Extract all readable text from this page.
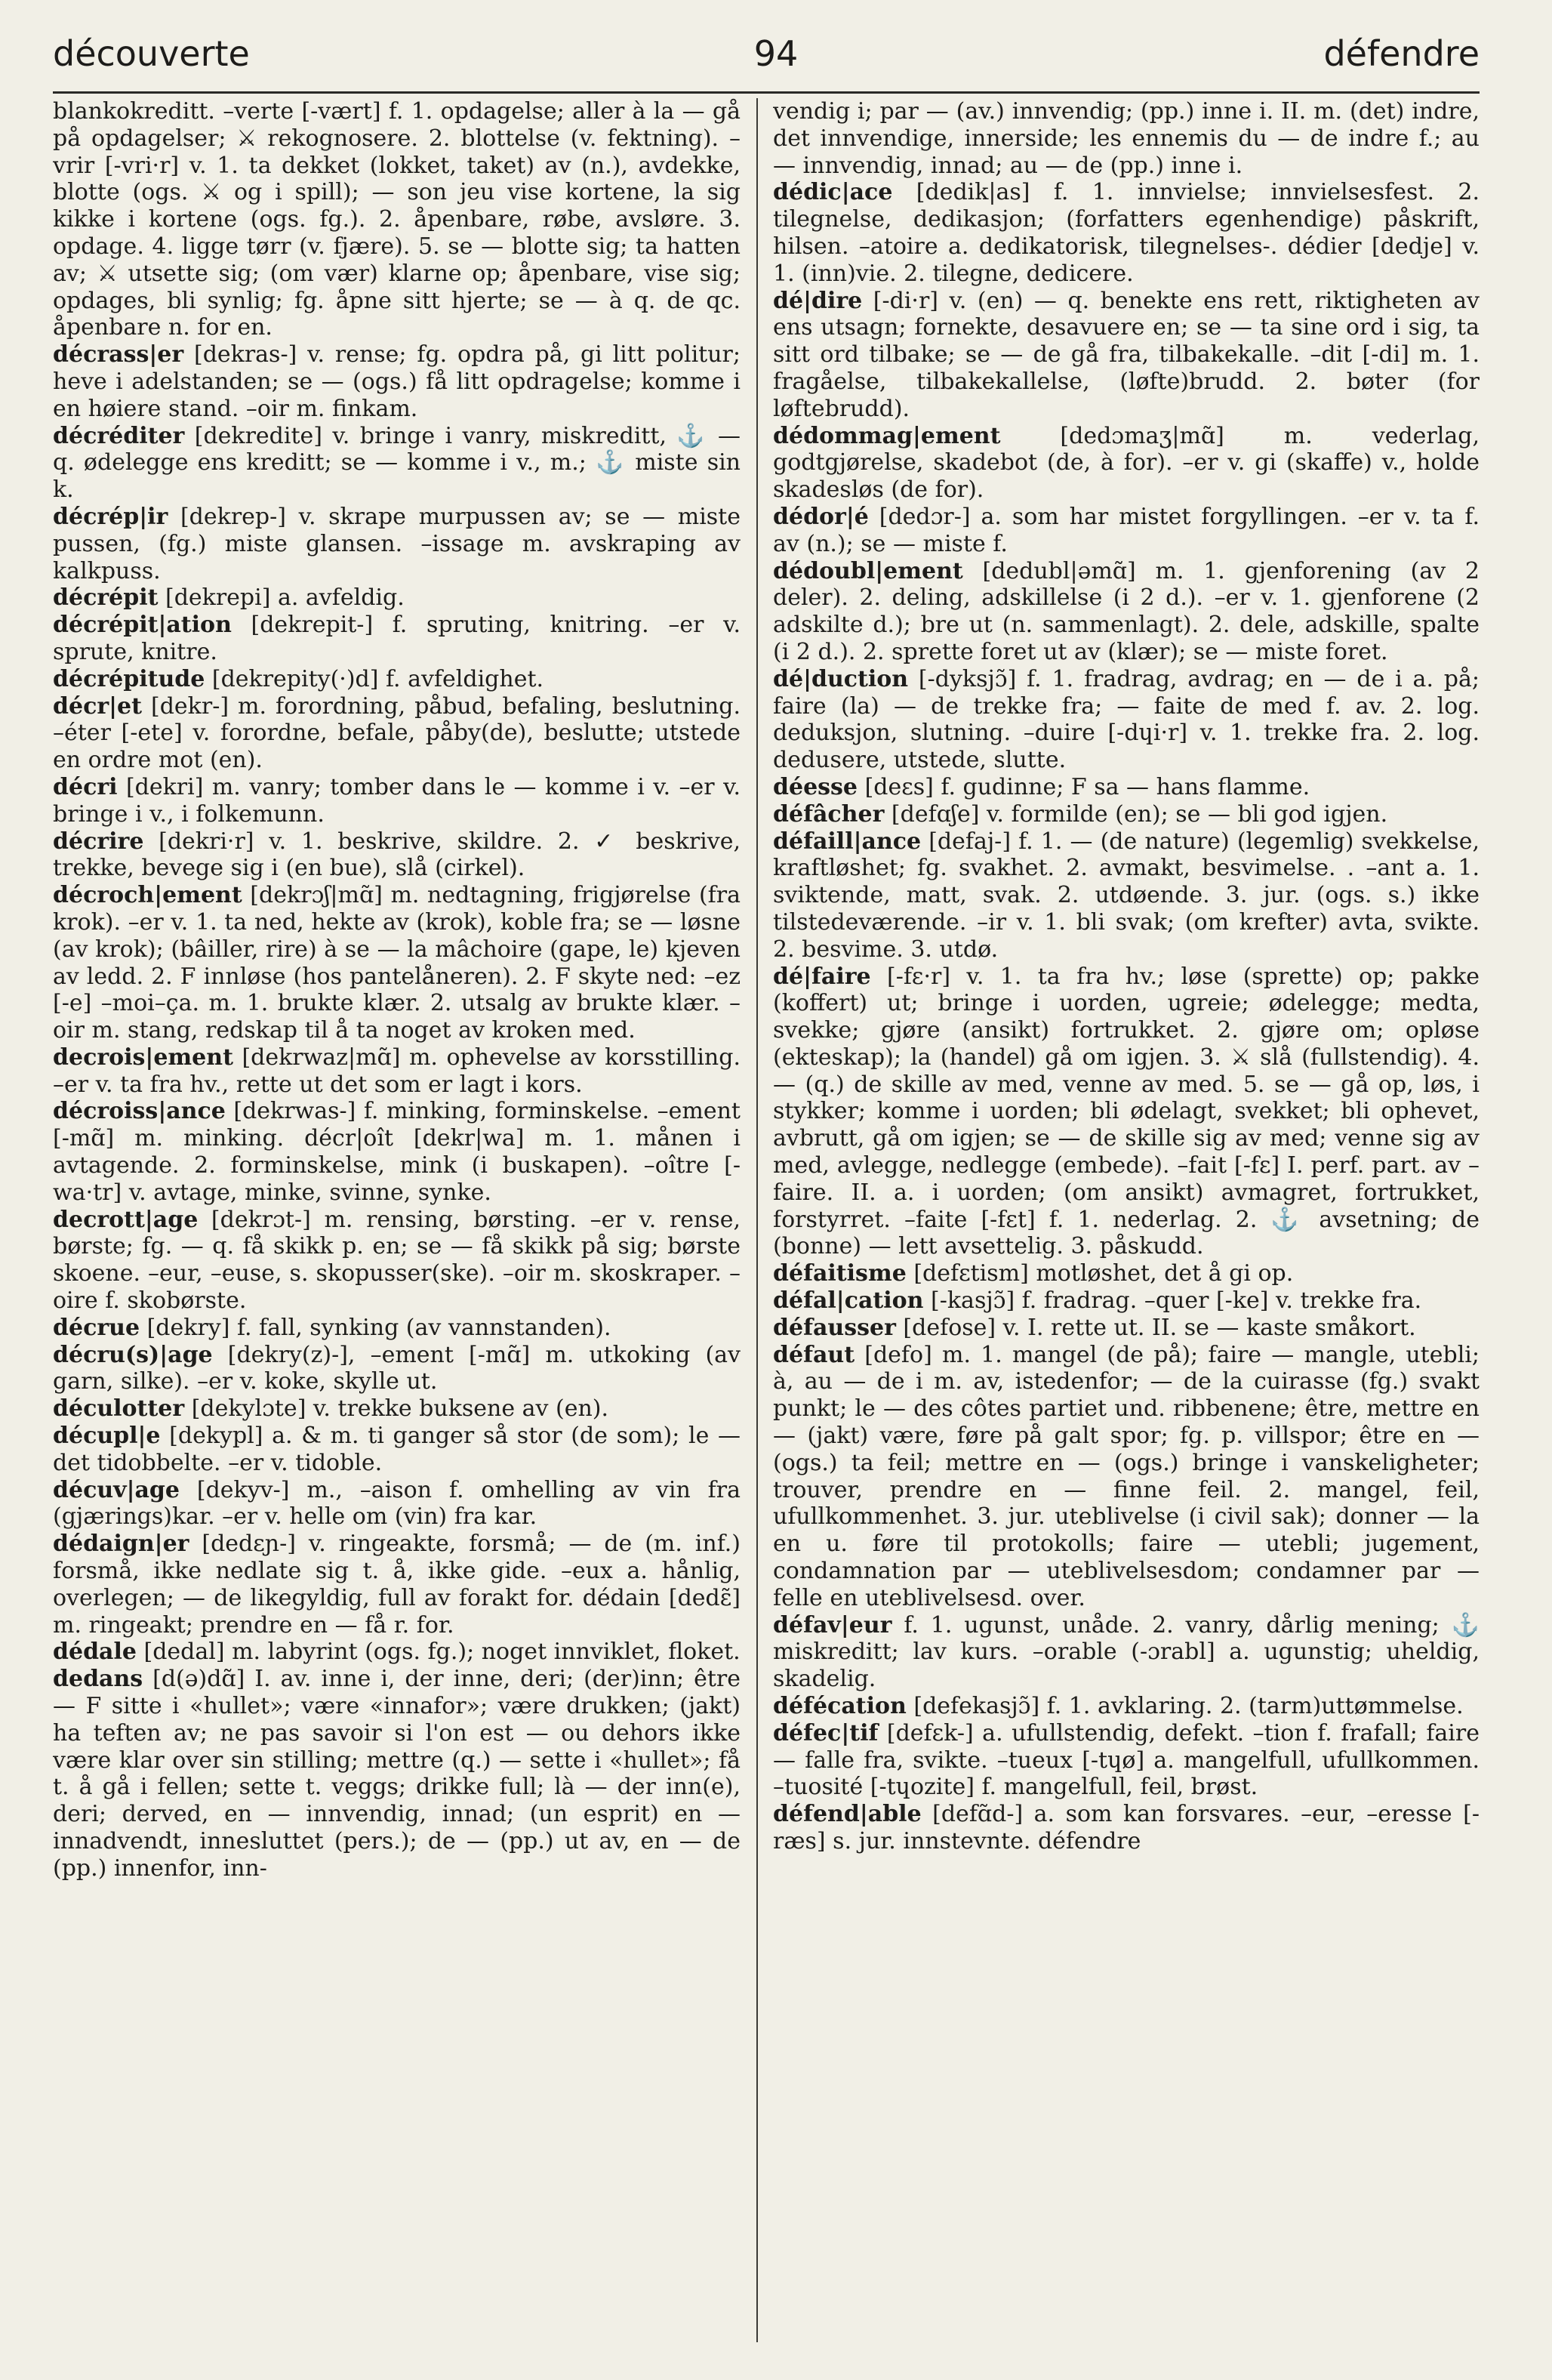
découverte	94	défendre

blankokreditt. –verte [-vært] f. 1. opdagelse; aller à la — gå på opdagelser; ⚔ rekognosere. 2. blottelse (v. fektning). –vrir [-vri·r] v. 1. ta dekket (lokket, taket) av (n.), avdekke, blotte (ogs. ⚔ og i spill); — son jeu vise kortene, la sig kikke i kortene (ogs. fg.). 2. åpenbare, røbe, avsløre. 3. opdage. 4. ligge tørr (v. fjære). 5. se — blotte sig; ta hatten av; ⚔ utsette sig; (om vær) klarne op; åpenbare, vise sig; opdages, bli synlig; fg. åpne sitt hjerte; se — à q. de qc. åpenbare n. for en.

décrass|er [dekras-] v. rense; fg. opdra på, gi litt politur; heve i adelstanden; se — (ogs.) få litt opdragelse; komme i en høiere stand. –oir m. finkam.

décréditer [dekredite] v. bringe i vanry, miskreditt, ⚓ — q. ødelegge ens kreditt; se — komme i v., m.; ⚓ miste sin k.

décrép|ir [dekrep-] v. skrape murpussen av; se — miste pussen, (fg.) miste glansen. –issage m. avskraping av kalkpuss.

décrépit [dekrepi] a. avfeldig.

décrépit|ation [dekrepit-] f. spruting, knitring. –er v. sprute, knitre.

décrépitude [dekrepity(·)d] f. avfeldighet.

décr|et [dekr-] m. forordning, påbud, befaling, beslutning. –éter [-ete] v. forordne, befale, påby(de), beslutte; utstede en ordre mot (en).

décri [dekri] m. vanry; tomber dans le — komme i v. –er v. bringe i v., i folkemunn.

décrire [dekri·r] v. 1. beskrive, skildre. 2. ✓ beskrive, trekke, bevege sig i (en bue), slå (cirkel).

décroch|ement [dekrɔʃ|mɑ̃] m. nedtagning, frigjørelse (fra krok). –er v. 1. ta ned, hekte av (krok), koble fra; se — løsne (av krok); (bâiller, rire) à se — la mâchoire (gape, le) kjeven av ledd. 2. F innløse (hos pantelåneren). 2. F skyte ned: –ez [-e] –moi–ça. m. 1. brukte klær. 2. utsalg av brukte klær. –oir m. stang, redskap til å ta noget av kroken med.

decrois|ement [dekrwaz|mɑ̃] m. ophevelse av korsstilling. –er v. ta fra hv., rette ut det som er lagt i kors.

décroiss|ance [dekrwas-] f. minking, forminskelse. –ement [-mɑ̃] m. minking. décr|oît [dekr|wa] m. 1. månen i avtagende. 2. forminskelse, mink (i buskapen). –oître [-wa·tr] v. avtage, minke, svinne, synke.

decrott|age [dekrɔt-] m. rensing, børsting. –er v. rense, børste; fg. — q. få skikk p. en; se — få skikk på sig; børste skoene. –eur, –euse, s. skopusser(ske). –oir m. skoskraper. –oire f. skobørste.

décrue [dekry] f. fall, synking (av vannstanden).

décru(s)|age [dekry(z)-], –ement [-mɑ̃] m. utkoking (av garn, silke). –er v. koke, skylle ut.

déculotter [dekylɔte] v. trekke buksene av (en).

décupl|e [dekypl] a. & m. ti ganger så stor (de som); le — det tidobbelte. –er v. tidoble.

décuv|age [dekyv-] m., –aison f. omhelling av vin fra (gjærings)kar. –er v. helle om (vin) fra kar.

dédaign|er [dedɛɲ-] v. ringeakte, forsmå; — de (m. inf.) forsmå, ikke nedlate sig t. å, ikke gide. –eux a. hånlig, overlegen; — de likegyldig, full av forakt for. dédain [dedɛ̃] m. ringeakt; prendre en — få r. for.

dédale [dedal] m. labyrint (ogs. fg.); noget innviklet, floket.

dedans [d(ə)dɑ̃] I. av. inne i, der inne, deri; (der)inn; être — F sitte i «hullet»; være «innafor»; være drukken; (jakt) ha teften av; ne pas savoir si l'on est — ou dehors ikke være klar over sin stilling; mettre (q.) — sette i «hullet»; få t. å gå i fellen; sette t. veggs; drikke full; là — der inn(e), deri; derved, en — innvendig, innad; (un esprit) en — innadvendt, innesluttet (pers.); de — (pp.) ut av, en — de (pp.) innenfor, inn-

vendig i; par — (av.) innvendig; (pp.) inne i. II. m. (det) indre, det innvendige, innerside; les ennemis du — de indre f.; au — innvendig, innad; au — de (pp.) inne i.

dédic|ace [dedik|as] f. 1. innvielse; innvielsesfest. 2. tilegnelse, dedikasjon; (forfatters egenhendige) påskrift, hilsen. –atoire a. dedikatorisk, tilegnelses-. dédier [dedje] v. 1. (inn)vie. 2. tilegne, dedicere.

dé|dire [-di·r] v. (en) — q. benekte ens rett, riktigheten av ens utsagn; fornekte, desavuere en; se — ta sine ord i sig, ta sitt ord tilbake; se — de gå fra, tilbakekalle. –dit [-di] m. 1. fragåelse, tilbakekallelse, (løfte)brudd. 2. bøter (for løftebrudd).

dédommag|ement [dedɔmaʒ|mɑ̃] m. vederlag, godtgjørelse, skadebot (de, à for). –er v. gi (skaffe) v., holde skadesløs (de for).

dédor|é [dedɔr-] a. som har mistet forgyllingen. –er v. ta f. av (n.); se — miste f.

dédoubl|ement [dedubl|əmɑ̃] m. 1. gjenforening (av 2 deler). 2. deling, adskillelse (i 2 d.). –er v. 1. gjenforene (2 adskilte d.); bre ut (n. sammenlagt). 2. dele, adskille, spalte (i 2 d.). 2. sprette foret ut av (klær); se — miste foret.

dé|duction [-dyksjɔ̃] f. 1. fradrag, avdrag; en — de i a. på; faire (la) — de trekke fra; — faite de med f. av. 2. log. deduksjon, slutning. –duire [-dɥi·r] v. 1. trekke fra. 2. log. dedusere, utstede, slutte.

déesse [deɛs] f. gudinne; F sa — hans flamme.

défâcher [defɑʃe] v. formilde (en); se — bli god igjen.

défaill|ance [defaj-] f. 1. — (de nature) (legemlig) svekkelse, kraftløshet; fg. svakhet. 2. avmakt, besvimelse. . –ant a. 1. sviktende, matt, svak. 2. utdøende. 3. jur. (ogs. s.) ikke tilstedeværende. –ir v. 1. bli svak; (om krefter) avta, svikte. 2. besvime. 3. utdø.

dé|faire [-fɛ·r] v. 1. ta fra hv.; løse (sprette) op; pakke (koffert) ut; bringe i uorden, ugreie; ødelegge; medta, svekke; gjøre (ansikt) fortrukket. 2. gjøre om; opløse (ekteskap); la (handel) gå om igjen. 3. ⚔ slå (fullstendig). 4. — (q.) de skille av med, venne av med. 5. se — gå op, løs, i stykker; komme i uorden; bli ødelagt, svekket; bli ophevet, avbrutt, gå om igjen; se — de skille sig av med; venne sig av med, avlegge, nedlegge (embede). –fait [-fɛ] I. perf. part. av –faire. II. a. i uorden; (om ansikt) avmagret, fortrukket, forstyrret. –faite [-fɛt] f. 1. nederlag. 2. ⚓ avsetning; de (bonne) — lett avsettelig. 3. påskudd.

défaitisme [defɛtism] motløshet, det å gi op.

défal|cation [-kasjɔ̃] f. fradrag. –quer [-ke] v. trekke fra.

défausser [defose] v. I. rette ut. II. se — kaste småkort.

défaut [defo] m. 1. mangel (de på); faire — mangle, utebli; à, au — de i m. av, istedenfor; — de la cuirasse (fg.) svakt punkt; le — des côtes partiet und. ribbenene; être, mettre en — (jakt) være, føre på galt spor; fg. p. villspor; être en — (ogs.) ta feil; mettre en — (ogs.) bringe i vanskeligheter; trouver, prendre en — finne feil. 2. mangel, feil, ufullkommenhet. 3. jur. uteblivelse (i civil sak); donner — la en u. føre til protokolls; faire — utebli; jugement, condamnation par — uteblivelsesdom; condamner par — felle en uteblivelsesd. over.

défav|eur f. 1. ugunst, unåde. 2. vanry, dårlig mening; ⚓ miskreditt; lav kurs. –orable (-ɔrabl] a. ugunstig; uheldig, skadelig.

défécation [defekasjɔ̃] f. 1. avklaring. 2. (tarm)uttømmelse.

défec|tif [defɛk-] a. ufullstendig, defekt. –tion f. frafall; faire — falle fra, svikte. –tueux [-tɥø] a. mangelfull, ufullkommen. –tuosité [-tɥozite] f. mangelfull, feil, brøst.

défend|able [defɑ̃d-] a. som kan forsvares. –eur, –eresse [-ræs] s. jur. innstevnte. défendre
